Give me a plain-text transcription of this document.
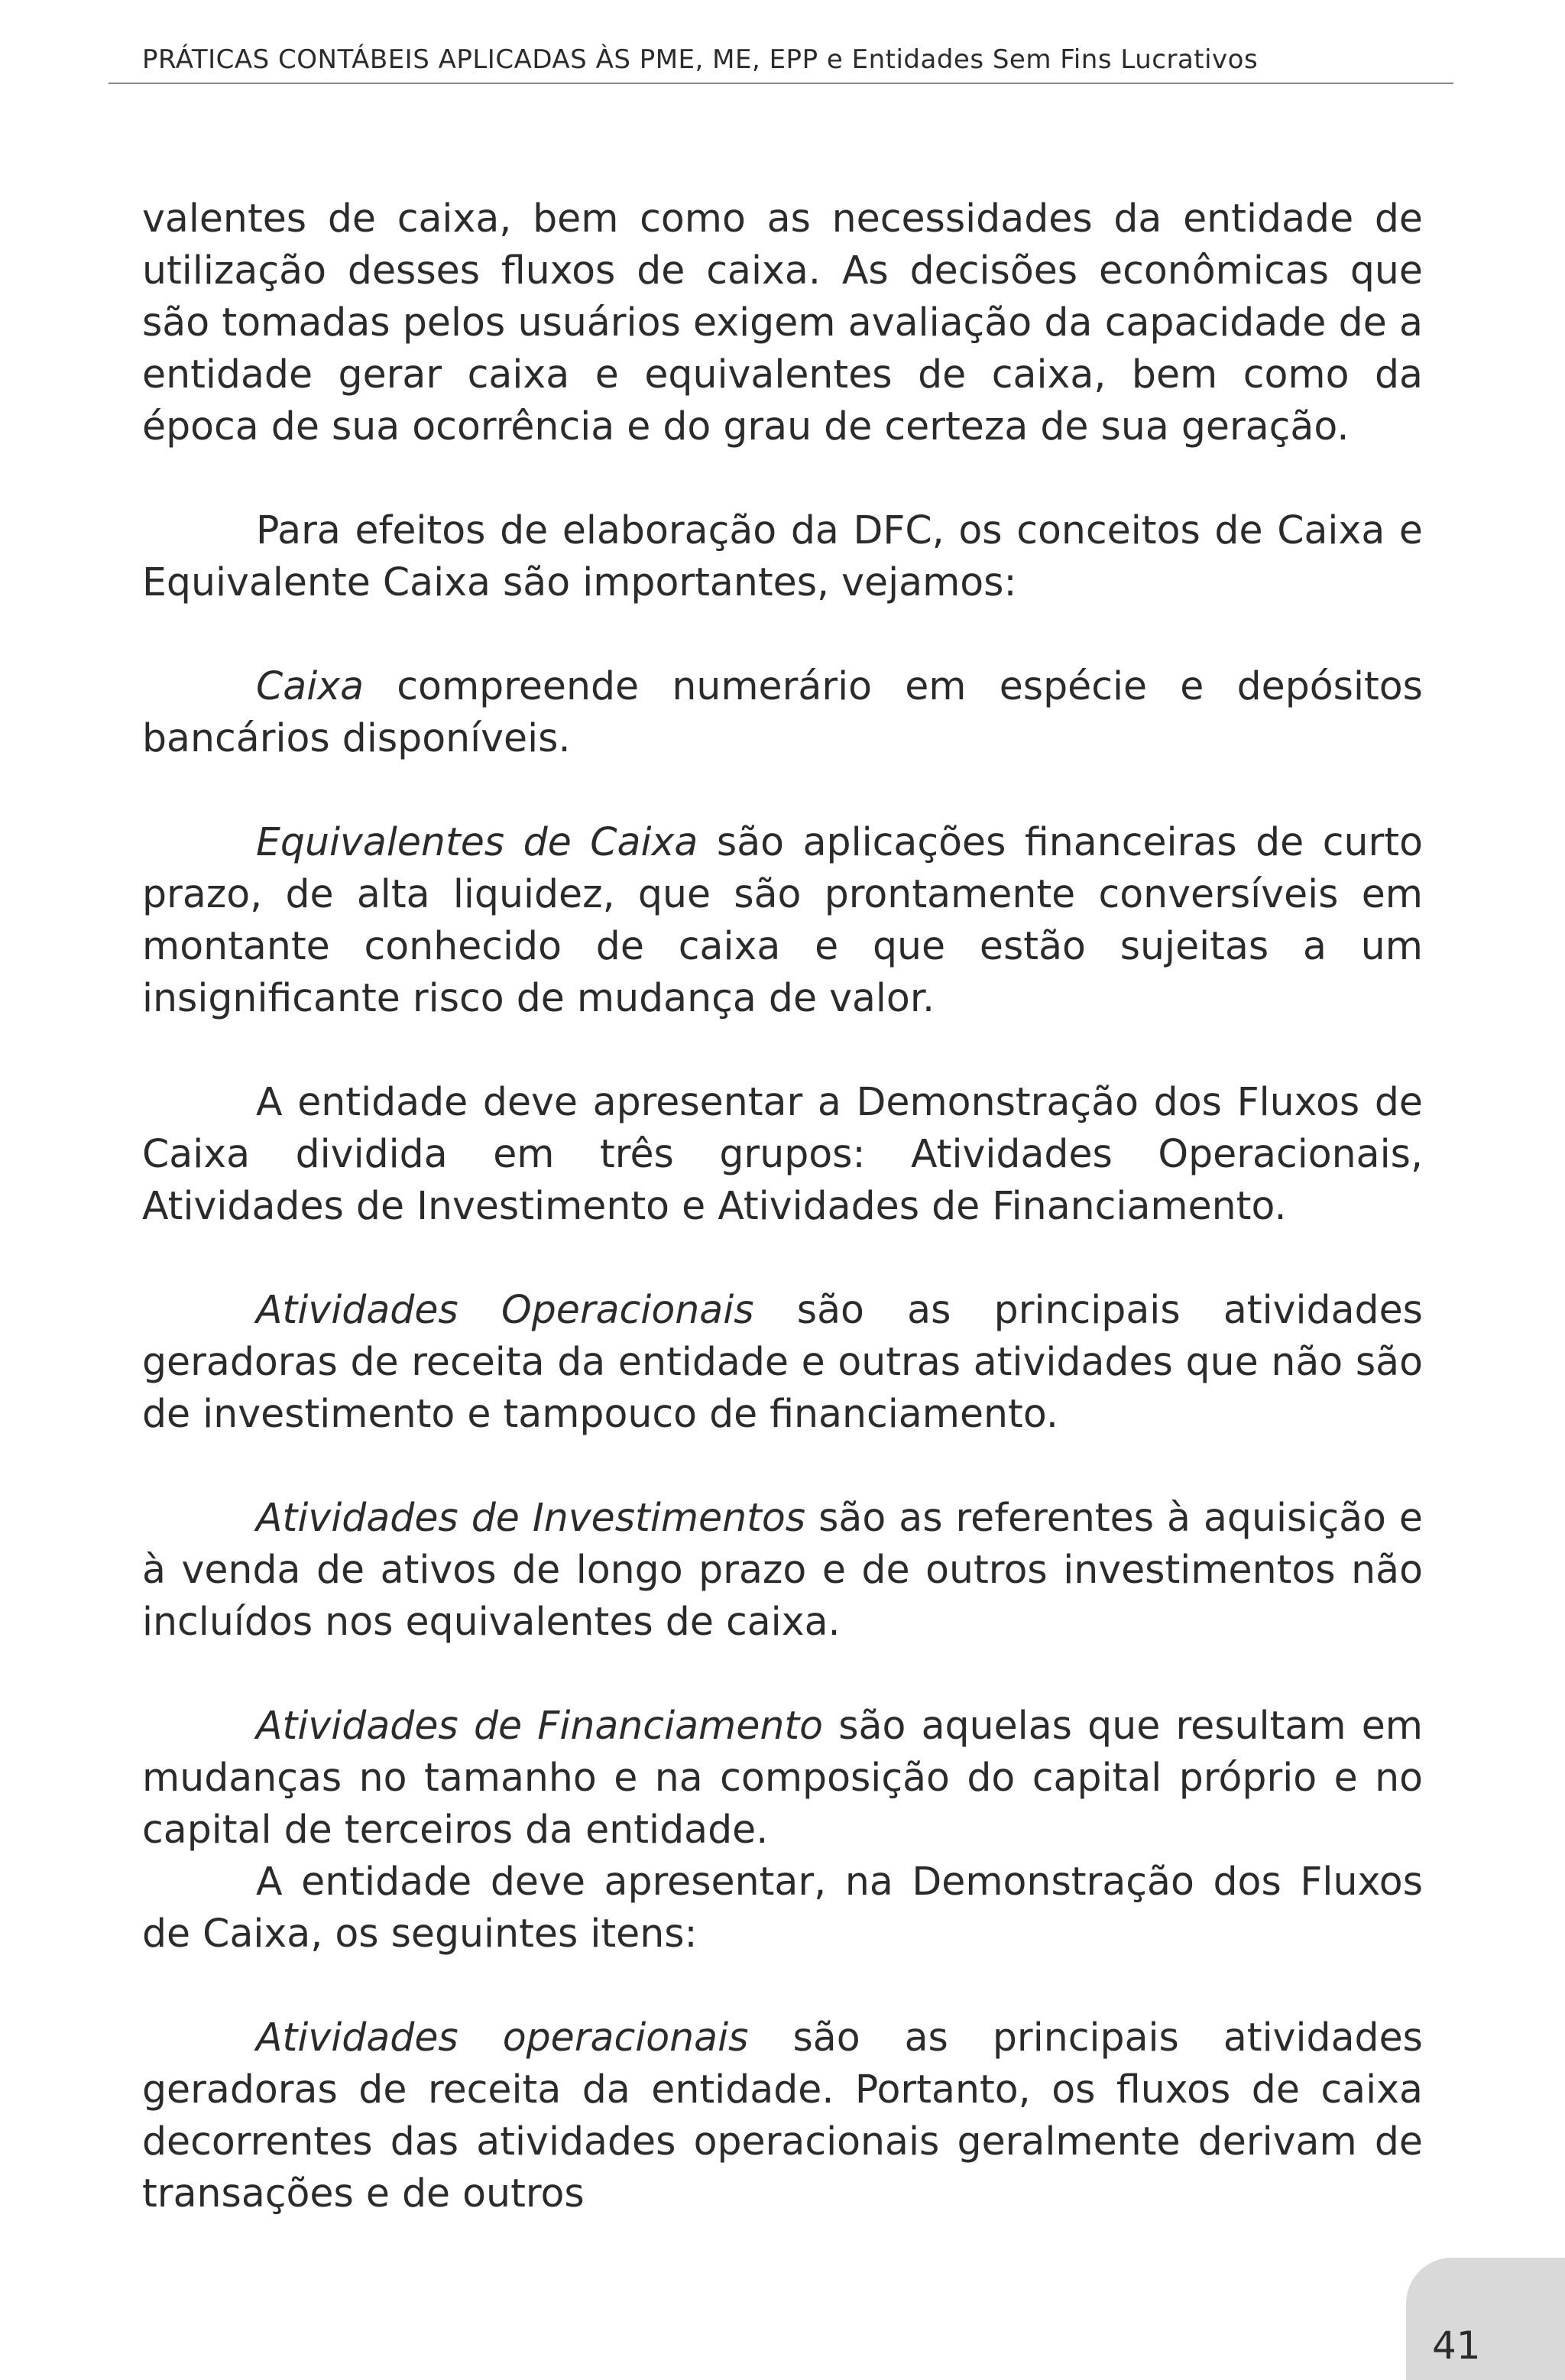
PRÁTICAS CONTÁBEIS APLICADAS ÀS PME, ME, EPP e Entidades Sem Fins Lucrativos

valentes de caixa, bem como as necessidades da entidade de utilização desses fluxos de caixa. As decisões econômicas que são tomadas pelos usuários exigem avaliação da capacidade de a entidade gerar caixa e equivalentes de caixa, bem como da época de sua ocorrência e do grau de certeza de sua geração.

Para efeitos de elaboração da DFC, os conceitos de Caixa e Equivalente Caixa são importantes, vejamos:

Caixa compreende numerário em espécie e depósitos bancários disponíveis.

Equivalentes de Caixa são aplicações financeiras de curto prazo, de alta liquidez, que são prontamente conversíveis em montante conhecido de caixa e que estão sujeitas a um insignificante risco de mudança de valor.

A entidade deve apresentar a Demonstração dos Fluxos de Caixa dividida em três grupos: Atividades Operacionais, Atividades de Investimento e Atividades de Financiamento.

Atividades Operacionais são as principais atividades geradoras de receita da entidade e outras atividades que não são de investimento e tampouco de financiamento.

Atividades de Investimentos são as referentes à aquisição e à venda de ativos de longo prazo e de outros investimentos não incluídos nos equivalentes de caixa.

Atividades de Financiamento são aquelas que resultam em mudanças no tamanho e na composição do capital próprio e no capital de terceiros da entidade.

A entidade deve apresentar, na Demonstração dos Fluxos de Caixa, os seguintes itens:

Atividades operacionais são as principais atividades geradoras de receita da entidade. Portanto, os fluxos de caixa decorrentes das atividades operacionais geralmente derivam de transações e de outros

41
